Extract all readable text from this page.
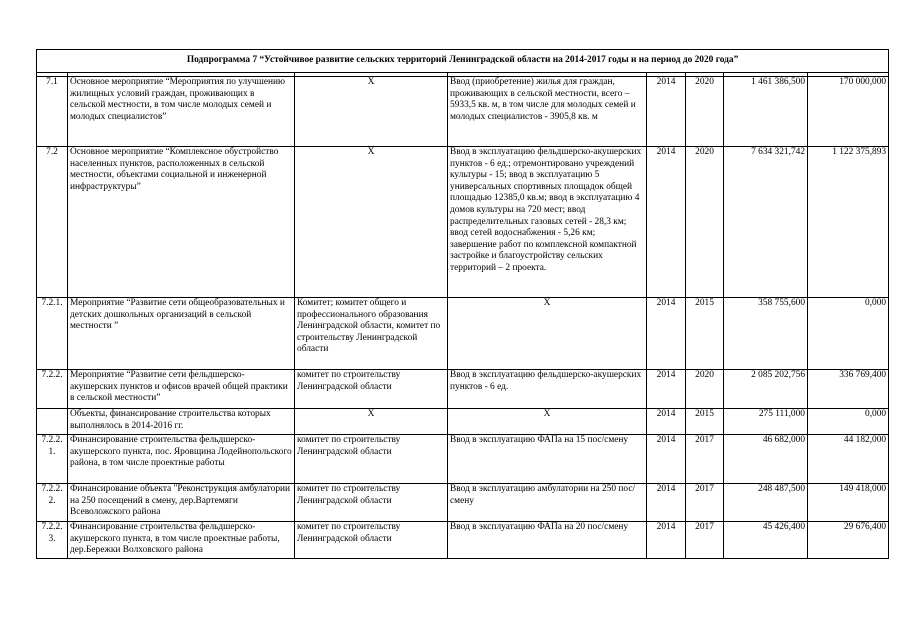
Подпрограмма 7 “Устойчивое развитие сельских территорий Ленинградской области на 2014-2017 годы и на период до 2020 года”							

7.1	Основное мероприятие “Мероприятия по улучшению жилищных условий граждан, проживающих в сельской местности, в том числе молодых семей и молодых специалистов”	X	Ввод (приобретение) жилья для граждан, проживающих в сельской местности, всего – 5933,5 кв. м, в том числе для молодых семей и молодых специалистов - 3905,8 кв. м	2014	2020	1 461 386,500	170 000,000
7.2	Основное мероприятие “Комплексное обустройство населенных пунктов, расположенных в сельской местности, объектами социальной и инженерной инфраструктуры”	X	Ввод в эксплуатацию фельдшерско-акушерских пунктов - 6 ед.; отремонтировано учреждений культуры - 15; ввод в эксплуатацию 5 универсальных спортивных площадок общей площадью 12385,0 кв.м; ввод в эксплуатацию 4 домов культуры на 720 мест; ввод распределительных газовых сетей - 28,3 км; ввод сетей водоснабжения - 5,26 км; завершение работ по комплексной компактной застройке и благоустройству сельских территорий – 2 проекта.	2014	2020	7 634 321,742	1 122 375,893
7.2.1.	Мероприятие “Развитие сети общеобразовательных и детских дошкольных организаций в сельской местности ”	Комитет; комитет общего и профессионального образования Ленинградской области, комитет по строительству Ленинградской области	X	2014	2015	358 755,600	0,000
7.2.2.	Мероприятие “Развитие сети фельдшерско-акушерских пунктов и офисов врачей общей практики в сельской местности”	комитет по строительству Ленинградской области	Ввод в эксплуатацию фельдшерско-акушерских пунктов - 6 ед.	2014	2020	2 085 202,756	336 769,400
	Объекты, финансирование строительства которых выполнялось в 2014-2016 гг.	X	X	2014	2015	275 111,000	0,000
7.2.2. 1.	Финансирование строительства фельдшерско-акушерского пункта, пос. Яровщина Лодейнопольского района, в том числе проектные работы	комитет по строительству Ленинградской области	Ввод в эксплуатацию ФАПа на 15 пос/смену	2014	2017	46 682,000	44 182,000
7.2.2. 2.	Финансирование объекта "Реконструкция амбулатории на 250 посещений в смену, дер.Вартемяги Всеволожского района	комитет по строительству Ленинградской области	Ввод в эксплуатацию амбулатории на 250 пос/смену	2014	2017	248 487,500	149 418,000
7.2.2. 3.	Финансирование строительства фельдшерско-акушерского пункта, в том числе проектные работы, дер.Бережки Волховского района	комитет по строительству Ленинградской области	Ввод в эксплуатацию ФАПа на 20 пос/смену	2014	2017	45 426,400	29 676,400
